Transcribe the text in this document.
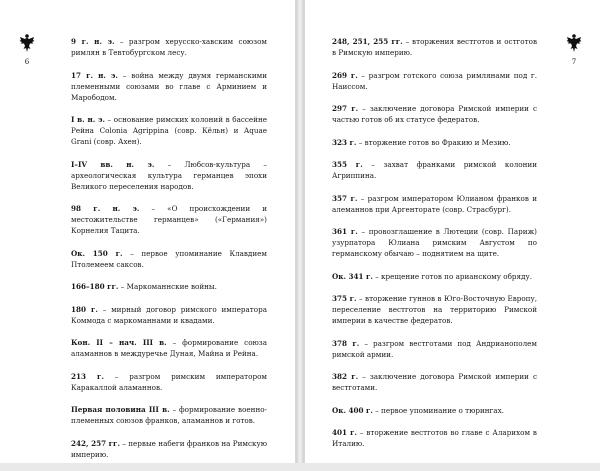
6

9 г. н. э. – разгром херусско-хавским союзом римлян в Тевтобургском лесу.

17 г. н. э. – война между двумя германскими племенными союзами во главе с Арминием и Марободом.

I в. н. э. – основание римских колоний в бассейне Рейна Colonia Agrippina (совр. Кёльн) и Aquae Grani (совр. Ахен).

I–IV вв. н. э. – Любсов-культура – археологическая культура германцев эпохи Великого переселения народов.

98 г. н. э. – «О происхождении и местожительстве германцев» («Германия») Корнелия Тацита.

Ок. 150 г. – первое упоминание Клавдием Птолемеем саксов.

166–180 гг. – Маркоманнские войны.

180 г. – мирный договор римского императора Коммода с маркоманнами и квадами.

Кон. II – нач. III в. – формирование союза аламаннов в междуречье Дуная, Майна и Рейна.

213 г. – разгром римским императором Каракаллой аламаннов.

Первая половина III в. – формирование военно-племенных союзов франков, аламаннов и готов.

242, 257 гг. – первые набеги франков на Римскую империю.

7

248, 251, 255 гг. – вторжения вестготов и остготов в Римскую империю.

269 г. – разгром готского союза римлянами под г. Наиссом.

297 г. – заключение договора Римской империи с частью готов об их статусе федератов.

323 г. – вторжение готов во Фракию и Мезию.

355 г. – захват франками римской колонии Агриппина.

357 г. – разгром императором Юлианом франков и алеманнов при Аргенторате (совр. Страсбург).

361 г. – провозглашение в Лютеции (совр. Париж) узурпатора Юлиана римским Августом по германскому обычаю – поднятием на щите.

Ок. 341 г. – крещение готов по арианскому обряду.

375 г. – вторжение гуннов в Юго-Восточную Европу, переселение вестготов на территорию Римской империи в качестве федератов.

378 г. – разгром вестготами под Андрианополем римской армии.

382 г. – заключение договора Римской империи с вестготами.

Ок. 400 г. – первое упоминание о тюрингах.

401 г. – вторжение вестготов во главе с Аларихом в Италию.
